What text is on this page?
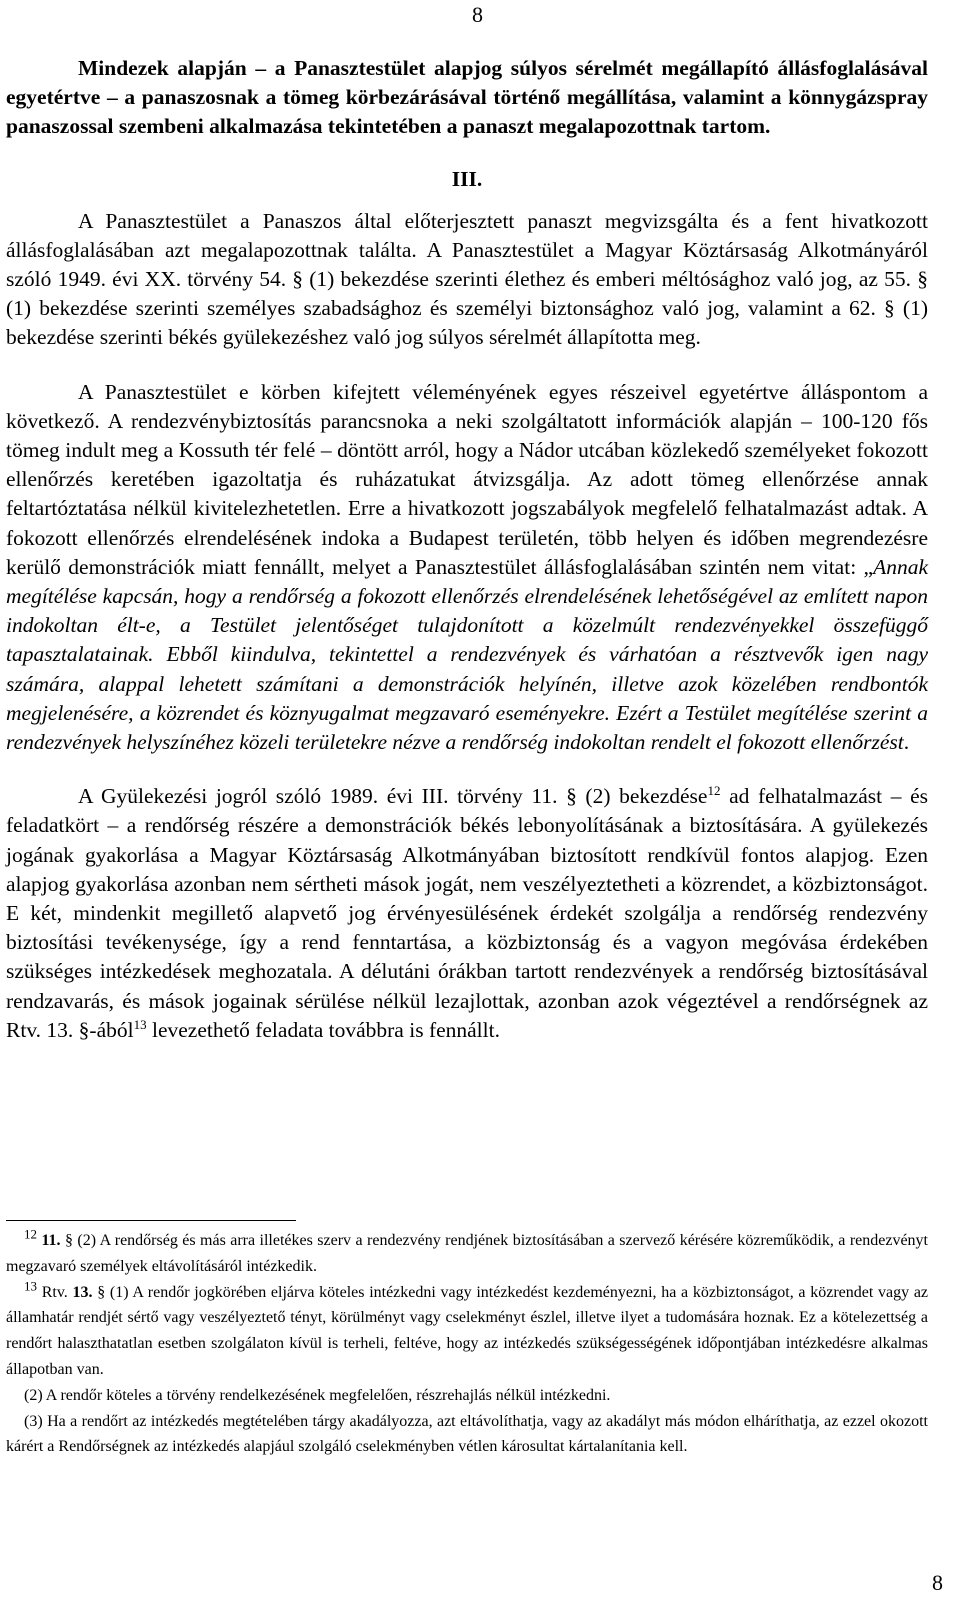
8

Mindezek alapján – a Panasztestület alapjog súlyos sérelmét megállapító állásfoglalásával egyetértve – a panaszosnak a tömeg körbezárásával történő megállítása, valamint a könnygázspray panaszossal szembeni alkalmazása tekintetében a panaszt megalapozottnak tartom.

III.

A Panasztestület a Panaszos által előterjesztett panaszt megvizsgálta és a fent hivatkozott állásfoglalásában azt megalapozottnak találta. A Panasztestület a Magyar Köztársaság Alkotmányáról szóló 1949. évi XX. törvény 54. § (1) bekezdése szerinti élethez és emberi méltósághoz való jog, az 55. § (1) bekezdése szerinti személyes szabadsághoz és személyi biztonsághoz való jog, valamint a 62. § (1) bekezdése szerinti békés gyülekezéshez való jog súlyos sérelmét állapította meg.

A Panasztestület e körben kifejtett véleményének egyes részeivel egyetértve álláspontom a következő. A rendezvénybiztosítás parancsnoka a neki szolgáltatott információk alapján – 100-120 fős tömeg indult meg a Kossuth tér felé – döntött arról, hogy a Nádor utcában közlekedő személyeket fokozott ellenőrzés keretében igazoltatja és ruházatukat átvizsgálja. Az adott tömeg ellenőrzése annak feltartóztatása nélkül kivitelezhetetlen. Erre a hivatkozott jogszabályok megfelelő felhatalmazást adtak. A fokozott ellenőrzés elrendelésének indoka a Budapest területén, több helyen és időben megrendezésre kerülő demonstrációk miatt fennállt, melyet a Panasztestület állásfoglalásában szintén nem vitat: „Annak megítélése kapcsán, hogy a rendőrség a fokozott ellenőrzés elrendelésének lehetőségével az említett napon indokoltan élt-e, a Testület jelentőséget tulajdonított a közelmúlt rendezvényekkel összefüggő tapasztalatainak. Ebből kiindulva, tekintettel a rendezvények és várhatóan a résztvevők igen nagy számára, alappal lehetett számítani a demonstrációk helyínén, illetve azok közelében rendbontók megjelenésére, a közrendet és köznyugalmat megzavaró eseményekre. Ezért a Testület megítélése szerint a rendezvények helyszínéhez közeli területekre nézve a rendőrség indokoltan rendelt el fokozott ellenőrzést.

A Gyülekezési jogról szóló 1989. évi III. törvény 11. § (2) bekezdése$^{12}$ ad felhatalmazást – és feladatkört – a rendőrség részére a demonstrációk békés lebonyolításának a biztosítására. A gyülekezés jogának gyakorlása a Magyar Köztársaság Alkotmányában biztosított rendkívül fontos alapjog. Ezen alapjog gyakorlása azonban nem sértheti mások jogát, nem veszélyeztetheti a közrendet, a közbiztonságot. E két, mindenkit megillető alapvető jog érvényesülésének érdekét szolgálja a rendőrség rendezvény biztosítási tevékenysége, így a rend fenntartása, a közbiztonság és a vagyon megóvása érdekében szükséges intézkedések meghozatala. A délutáni órákban tartott rendezvények a rendőrség biztosításával rendzavarás, és mások jogainak sérülése nélkül lezajlottak, azonban azok végeztével a rendőrségnek az Rtv. 13. §-ából$^{13}$ levezethető feladata továbbra is fennállt.

$^{12}$ 11. § (2) A rendőrség és más arra illetékes szerv a rendezvény rendjének biztosításában a szervező kérésére közreműködik, a rendezvényt megzavaró személyek eltávolításáról intézkedik.

$^{13}$ Rtv. 13. § (1) A rendőr jogkörében eljárva köteles intézkedni vagy intézkedést kezdeményezni, ha a közbiztonságot, a közrendet vagy az államhatár rendjét sértő vagy veszélyeztető tényt, körülményt vagy cselekményt észlel, illetve ilyet a tudomására hoznak. Ez a kötelezettség a rendőrt halaszthatatlan esetben szolgálaton kívül is terheli, feltéve, hogy az intézkedés szükségességének időpontjában intézkedésre alkalmas állapotban van.

(2) A rendőr köteles a törvény rendelkezésének megfelelően, részrehajlás nélkül intézkedni.

(3) Ha a rendőrt az intézkedés megtételében tárgy akadályozza, azt eltávolíthatja, vagy az akadályt más módon elháríthatja, az ezzel okozott kárért a Rendőrségnek az intézkedés alapjául szolgáló cselekményben vétlen károsultat kártalanítania kell.

8
